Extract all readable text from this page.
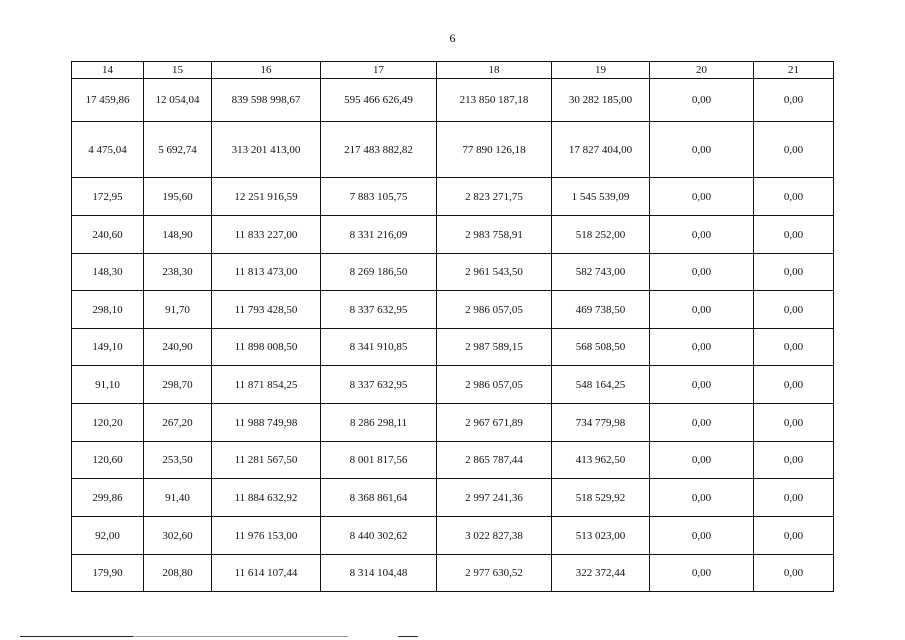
6
14	15	16	17	18	19	20	21
17 459,86	12 054,04	839 598 998,67	595 466 626,49	213 850 187,18	30 282 185,00	0,00	0,00
4 475,04	5 692,74	313 201 413,00	217 483 882,82	77 890 126,18	17 827 404,00	0,00	0,00
172,95	195,60	12 251 916,59	7 883 105,75	2 823 271,75	1 545 539,09	0,00	0,00
240,60	148,90	11 833 227,00	8 331 216,09	2 983 758,91	518 252,00	0,00	0,00
148,30	238,30	11 813 473,00	8 269 186,50	2 961 543,50	582 743,00	0,00	0,00
298,10	91,70	11 793 428,50	8 337 632,95	2 986 057,05	469 738,50	0,00	0,00
149,10	240,90	11 898 008,50	8 341 910,85	2 987 589,15	568 508,50	0,00	0,00
91,10	298,70	11 871 854,25	8 337 632,95	2 986 057,05	548 164,25	0,00	0,00
120,20	267,20	11 988 749,98	8 286 298,11	2 967 671,89	734 779,98	0,00	0,00
120,60	253,50	11 281 567,50	8 001 817,56	2 865 787,44	413 962,50	0,00	0,00
299,86	91,40	11 884 632,92	8 368 861,64	2 997 241,36	518 529,92	0,00	0,00
92,00	302,60	11 976 153,00	8 440 302,62	3 022 827,38	513 023,00	0,00	0,00
179,90	208,80	11 614 107,44	8 314 104,48	2 977 630,52	322 372,44	0,00	0,00
